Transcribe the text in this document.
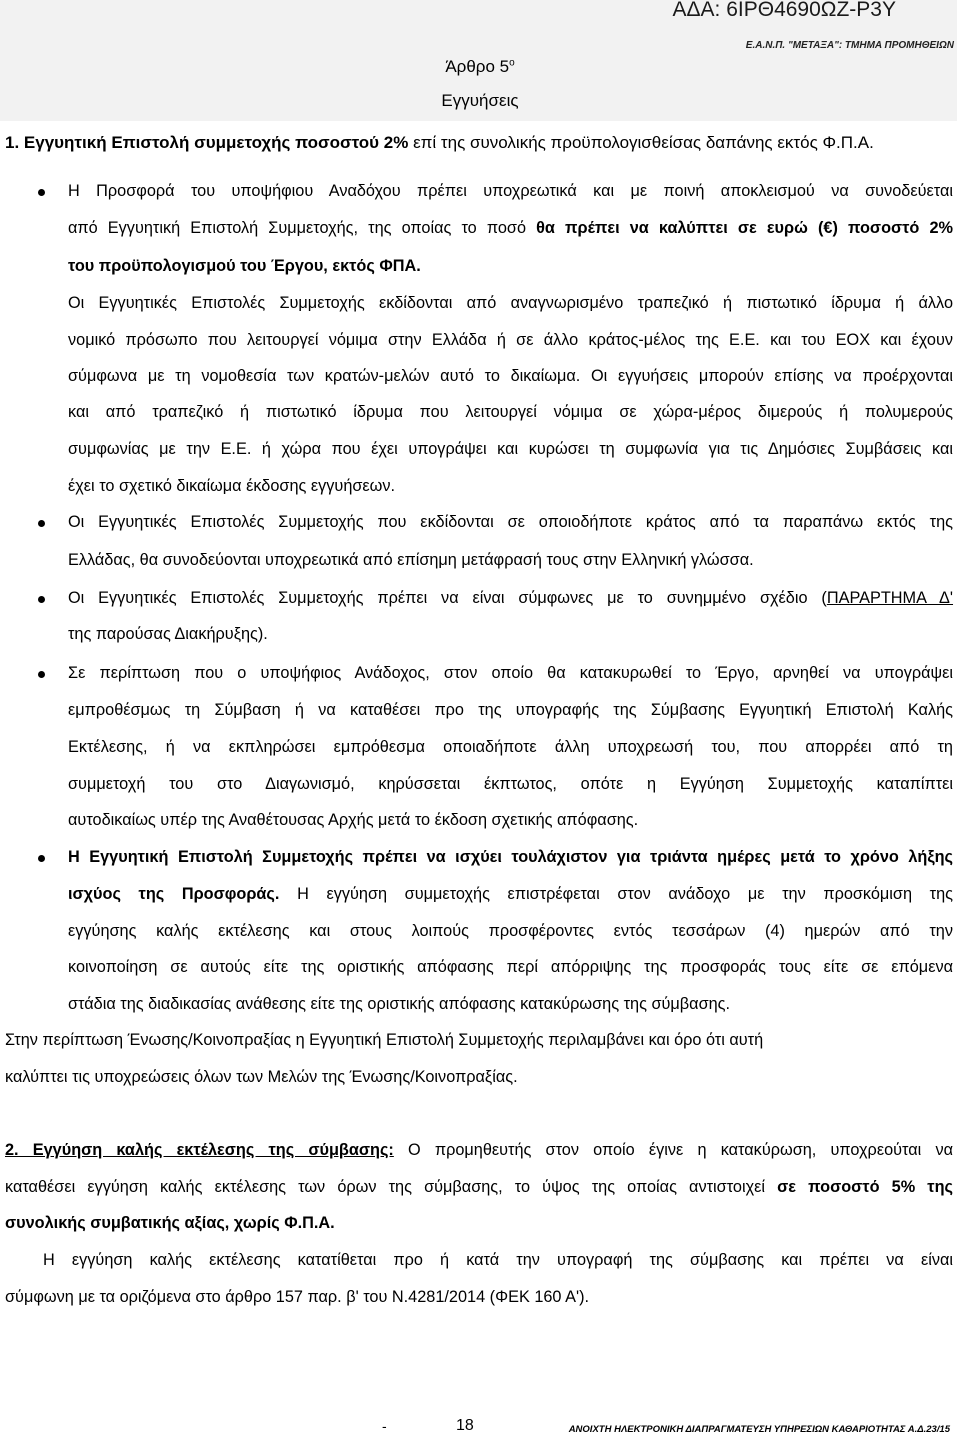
ΑΔΑ: 6ΙΡΘ4690ΩΖ-Ρ3Υ
Ε.Α.Ν.Π. "ΜΕΤΑΞΑ": ΤΜΗΜΑ ΠΡΟΜΗΘΕΙΩΝ
Άρθρο $5^o$
Εγγυήσεις
1. Εγγυητική Επιστολή συμμετοχής ποσοστού 2% επί της συνολικής προϋπολογισθείσας δαπάνης εκτός Φ.Π.Α.
Η Προσφορά του υποψήφιου Αναδόχου πρέπει υποχρεωτικά και με ποινή αποκλεισμού να συνοδεύεται
από Εγγυητική Επιστολή Συμμετοχής, της οποίας το ποσό θα πρέπει να καλύπτει σε ευρώ (€) ποσοστό 2%
του προϋπολογισμού του Έργου, εκτός ΦΠΑ.
Οι Εγγυητικές Επιστολές Συμμετοχής εκδίδονται από αναγνωρισμένο τραπεζικό ή πιστωτικό ίδρυμα ή άλλο
νομικό πρόσωπο που λειτουργεί νόμιμα στην Ελλάδα ή σε άλλο κράτος-μέλος της Ε.Ε. και του ΕΟΧ και έχουν
σύμφωνα με τη νομοθεσία των κρατών-μελών αυτό το δικαίωμα. Οι εγγυήσεις μπορούν επίσης να προέρχονται
και από τραπεζικό ή πιστωτικό ίδρυμα που λειτουργεί νόμιμα σε χώρα-μέρος διμερούς ή πολυμερούς
συμφωνίας με την Ε.Ε. ή χώρα που έχει υπογράψει και κυρώσει τη συμφωνία για τις Δημόσιες Συμβάσεις και
έχει το σχετικό δικαίωμα έκδοσης εγγυήσεων.
Οι Εγγυητικές Επιστολές Συμμετοχής που εκδίδονται σε οποιοδήποτε κράτος από τα παραπάνω εκτός της
Ελλάδας, θα συνοδεύονται υποχρεωτικά από επίσημη μετάφρασή τους στην Ελληνική γλώσσα.
Οι Εγγυητικές Επιστολές Συμμετοχής πρέπει να είναι σύμφωνες με το συνημμένο σχέδιο (ΠΑΡΑΡΤΗΜΑ Δ'
της παρούσας Διακήρυξης).
Σε περίπτωση που ο υποψήφιος Ανάδοχος, στον οποίο θα κατακυρωθεί το Έργο, αρνηθεί να υπογράψει
εμπροθέσμως τη Σύμβαση ή να καταθέσει προ της υπογραφής της Σύμβασης Εγγυητική Επιστολή Καλής
Εκτέλεσης, ή να εκπληρώσει εμπρόθεσμα οποιαδήποτε άλλη υποχρεωσή του, που απορρέει από τη
συμμετοχή του στο Διαγωνισμό, κηρύσσεται έκπτωτος, οπότε η Εγγύηση Συμμετοχής καταπίπτει
αυτοδικαίως υπέρ της Αναθέτουσας Αρχής μετά το έκδοση σχετικής απόφασης.
Η Εγγυητική Επιστολή Συμμετοχής πρέπει να ισχύει τουλάχιστον για τριάντα ημέρες μετά το χρόνο λήξης
ισχύος της Προσφοράς. Η εγγύηση συμμετοχής επιστρέφεται στον ανάδοχο με την προσκόμιση της
εγγύησης καλής εκτέλεσης και στους λοιπούς προσφέροντες εντός τεσσάρων (4) ημερών από την
κοινοποίηση σε αυτούς είτε της οριστικής απόφασης περί απόρριψης της προσφοράς τους είτε σε επόμενα
στάδια της διαδικασίας ανάθεσης είτε της οριστικής απόφασης κατακύρωσης της σύμβασης.
Στην περίπτωση Ένωσης/Κοινοπραξίας η Εγγυητική Επιστολή Συμμετοχής περιλαμβάνει και όρο ότι αυτή
καλύπτει τις υποχρεώσεις όλων των Μελών της Ένωσης/Κοινοπραξίας.
2. Εγγύηση καλής εκτέλεσης της σύμβασης: Ο προμηθευτής στον οποίο έγινε η κατακύρωση, υποχρεούται να
καταθέσει εγγύηση καλής εκτέλεσης των όρων της σύμβασης, το ύψος της οποίας αντιστοιχεί σε ποσοστό 5% της
συνολικής συμβατικής αξίας, χωρίς Φ.Π.Α.
Η εγγύηση καλής εκτέλεσης κατατίθεται προ ή κατά την υπογραφή της σύμβασης και πρέπει να είναι
σύμφωνη με τα οριζόμενα στο άρθρο 157 παρ. β' του Ν.4281/2014 (ΦΕΚ 160 Α').
-	18	ΑΝΟΙΧΤΗ ΗΛΕΚΤΡΟΝΙΚΗ ΔΙΑΠΡΑΓΜΑΤΕΥΣΗ ΥΠΗΡΕΣΙΩΝ ΚΑΘΑΡΙΟΤΗΤΑΣ Α.Δ.23/15
